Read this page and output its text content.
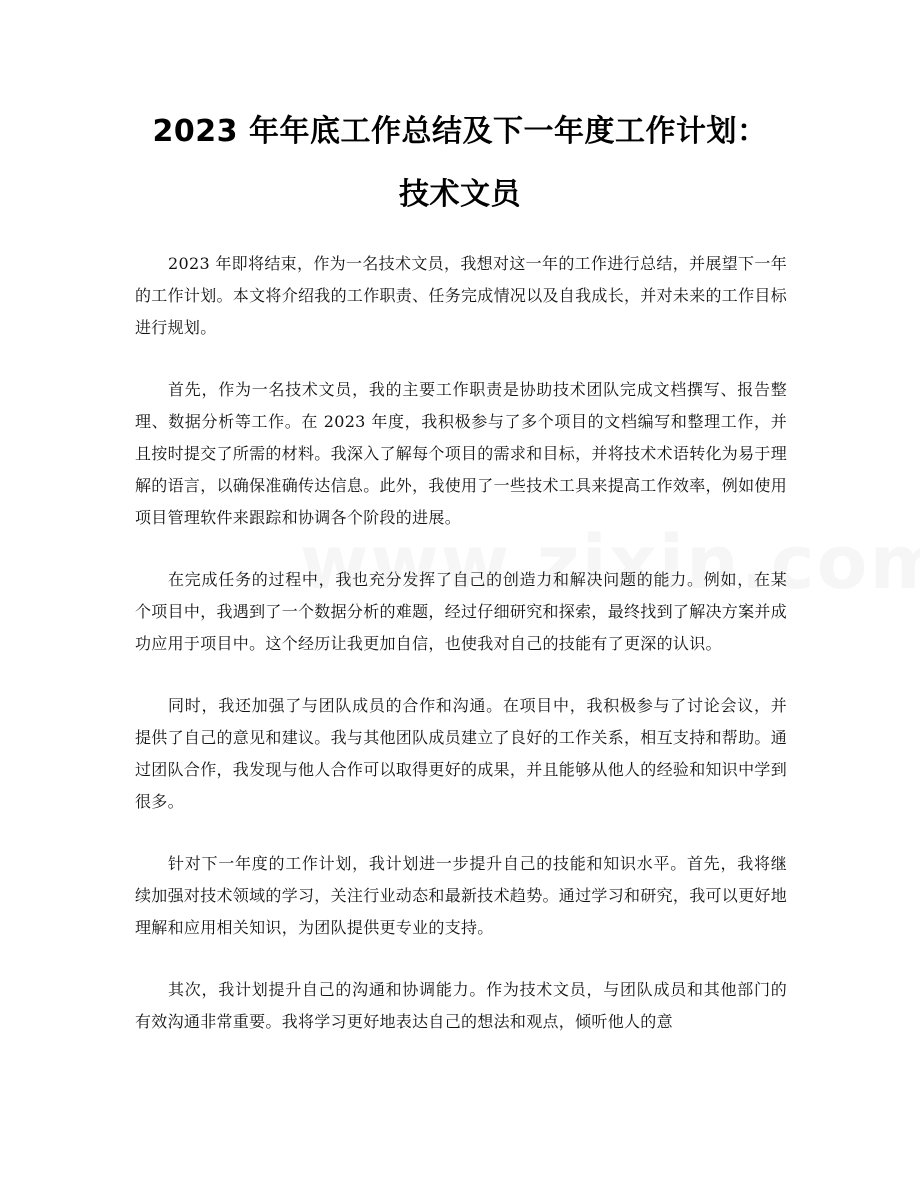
2023 年年底工作总结及下一年度工作计划：
技术文员

2023 年即将结束，作为一名技术文员，我想对这一年的工作进行总结，并展望下一年的工作计划。本文将介绍我的工作职责、任务完成情况以及自我成长，并对未来的工作目标进行规划。

首先，作为一名技术文员，我的主要工作职责是协助技术团队完成文档撰写、报告整理、数据分析等工作。在 2023 年度，我积极参与了多个项目的文档编写和整理工作，并且按时提交了所需的材料。我深入了解每个项目的需求和目标，并将技术术语转化为易于理解的语言，以确保准确传达信息。此外，我使用了一些技术工具来提高工作效率，例如使用项目管理软件来跟踪和协调各个阶段的进展。

在完成任务的过程中，我也充分发挥了自己的创造力和解决问题的能力。例如，在某个项目中，我遇到了一个数据分析的难题，经过仔细研究和探索，最终找到了解决方案并成功应用于项目中。这个经历让我更加自信，也使我对自己的技能有了更深的认识。

同时，我还加强了与团队成员的合作和沟通。在项目中，我积极参与了讨论会议，并提供了自己的意见和建议。我与其他团队成员建立了良好的工作关系，相互支持和帮助。通过团队合作，我发现与他人合作可以取得更好的成果，并且能够从他人的经验和知识中学到很多。

针对下一年度的工作计划，我计划进一步提升自己的技能和知识水平。首先，我将继续加强对技术领域的学习，关注行业动态和最新技术趋势。通过学习和研究，我可以更好地理解和应用相关知识，为团队提供更专业的支持。

其次，我计划提升自己的沟通和协调能力。作为技术文员，与团队成员和其他部门的有效沟通非常重要。我将学习更好地表达自己的想法和观点，倾听他人的意
